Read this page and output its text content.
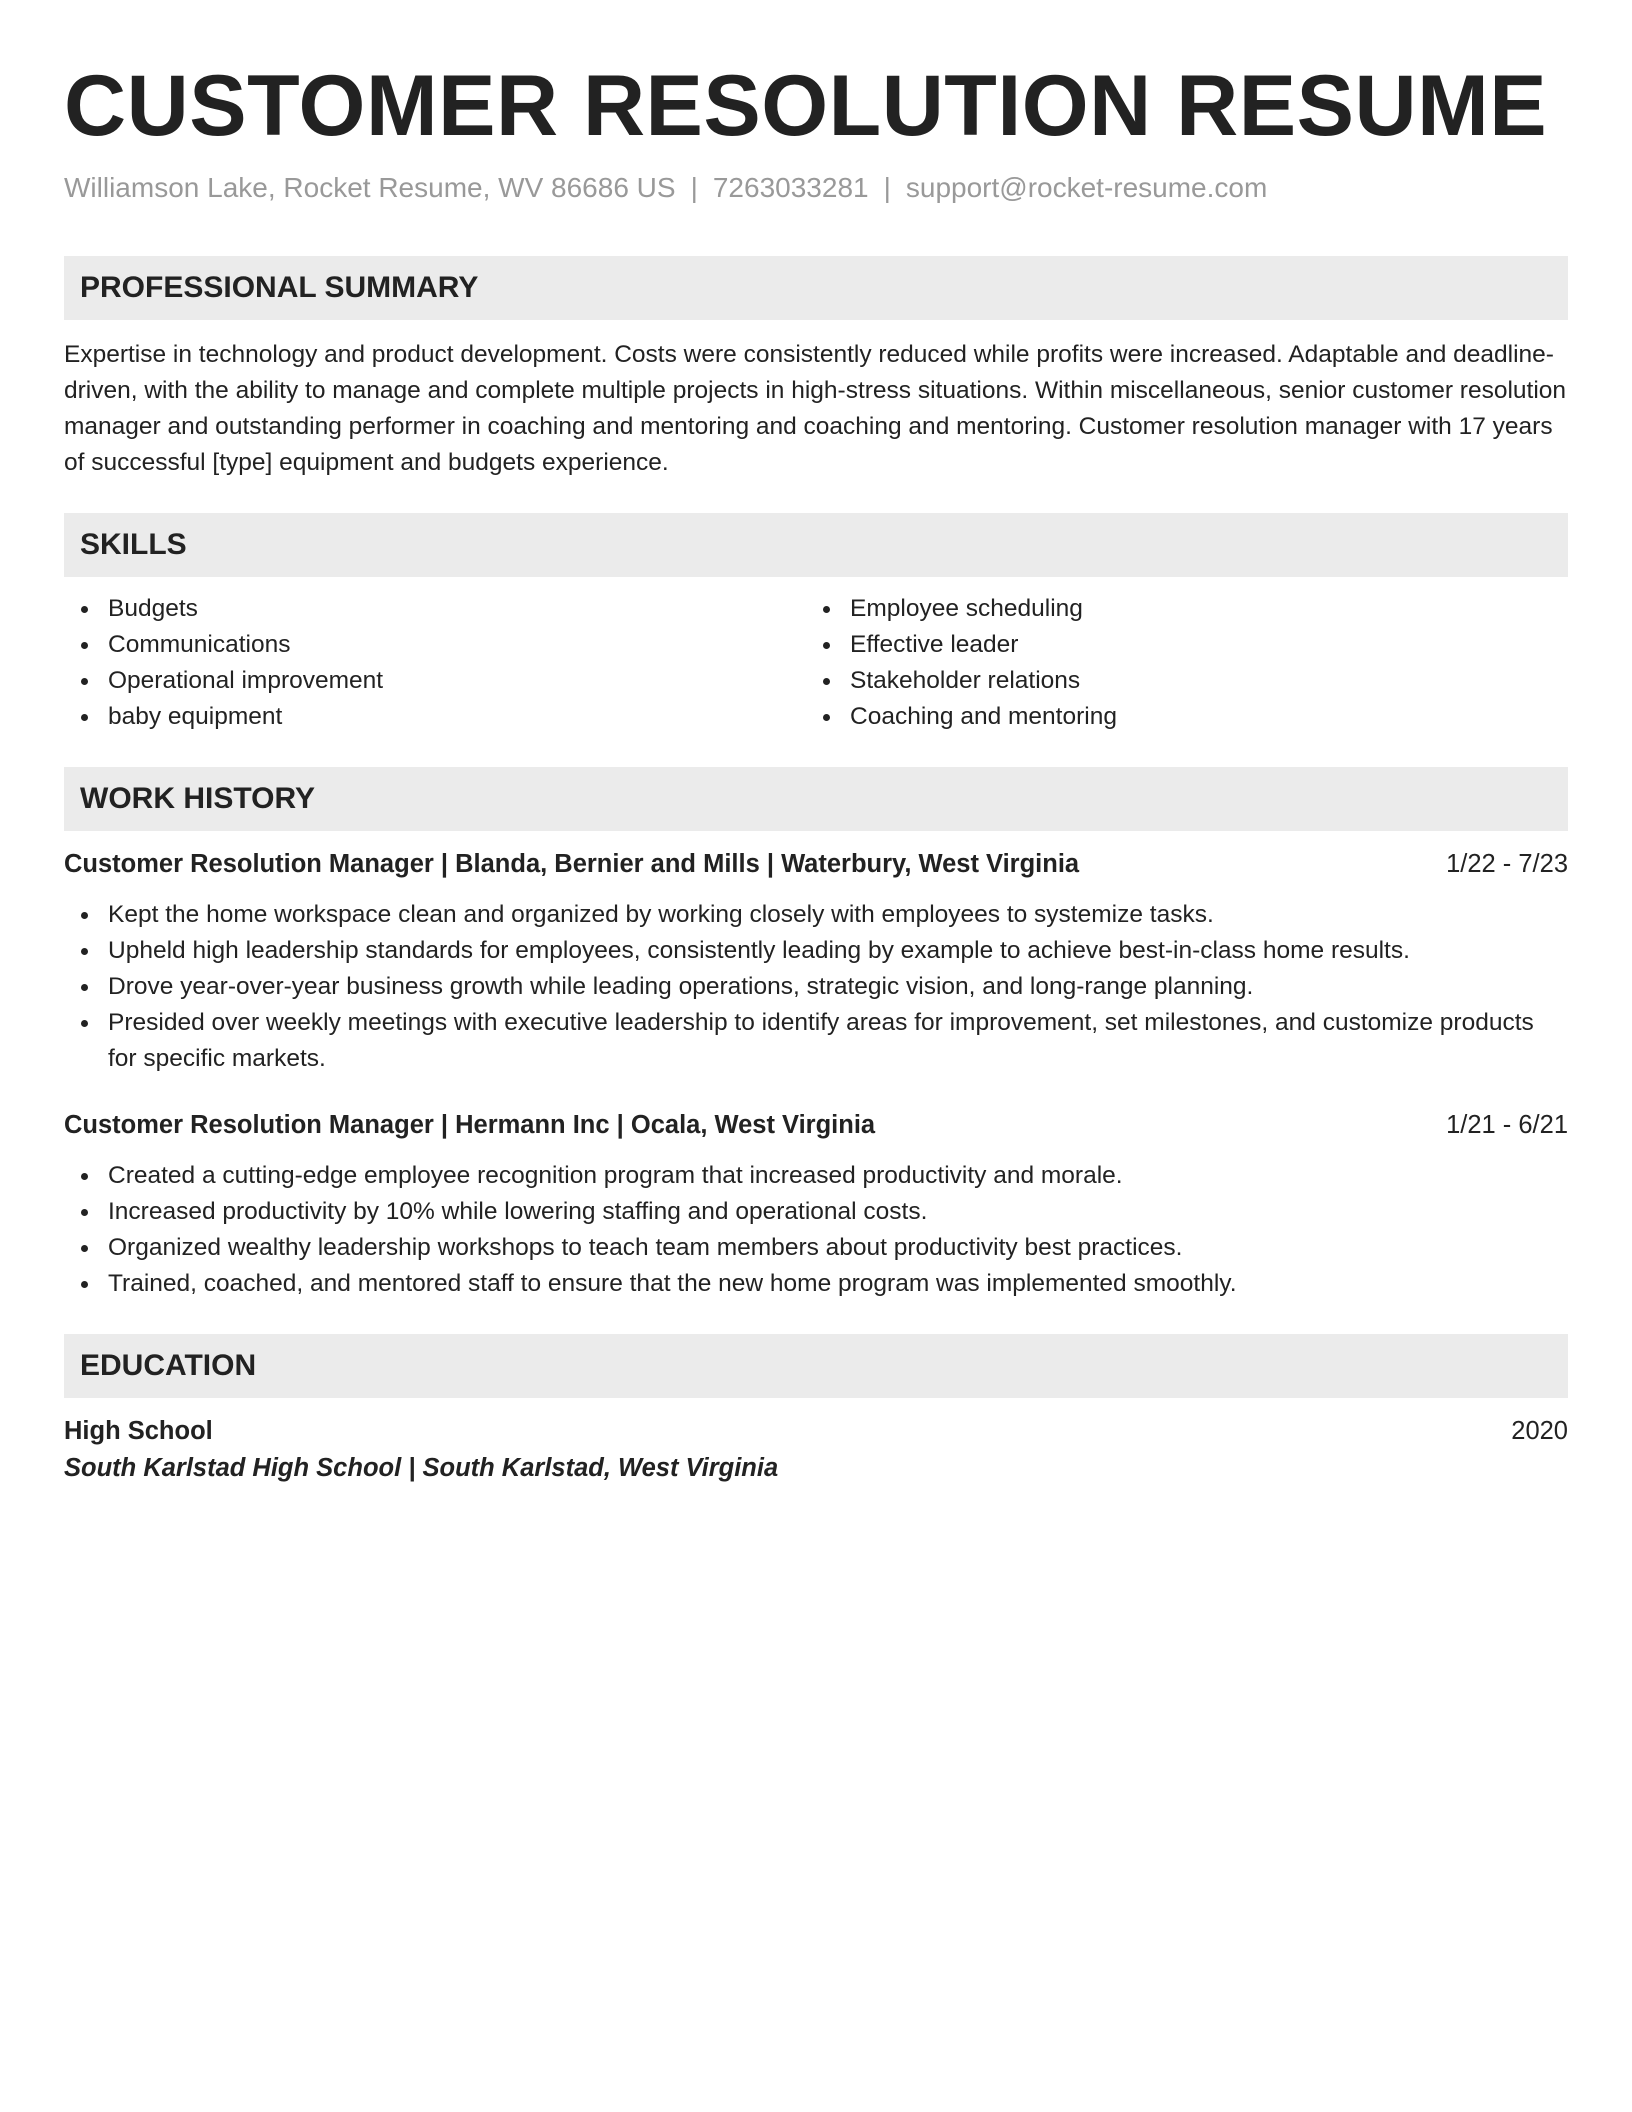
CUSTOMER RESOLUTION RESUME
Williamson Lake, Rocket Resume, WV 86686 US | 7263033281 | support@rocket-resume.com
PROFESSIONAL SUMMARY
Expertise in technology and product development. Costs were consistently reduced while profits were increased. Adaptable and deadline-driven, with the ability to manage and complete multiple projects in high-stress situations. Within miscellaneous, senior customer resolution manager and outstanding performer in coaching and mentoring and coaching and mentoring. Customer resolution manager with 17 years of successful [type] equipment and budgets experience.
SKILLS
Budgets
Communications
Operational improvement
baby equipment
Employee scheduling
Effective leader
Stakeholder relations
Coaching and mentoring
WORK HISTORY
Customer Resolution Manager | Blanda, Bernier and Mills | Waterbury, West Virginia	1/22 - 7/23
Kept the home workspace clean and organized by working closely with employees to systemize tasks.
Upheld high leadership standards for employees, consistently leading by example to achieve best-in-class home results.
Drove year-over-year business growth while leading operations, strategic vision, and long-range planning.
Presided over weekly meetings with executive leadership to identify areas for improvement, set milestones, and customize products for specific markets.
Customer Resolution Manager | Hermann Inc | Ocala, West Virginia	1/21 - 6/21
Created a cutting-edge employee recognition program that increased productivity and morale.
Increased productivity by 10% while lowering staffing and operational costs.
Organized wealthy leadership workshops to teach team members about productivity best practices.
Trained, coached, and mentored staff to ensure that the new home program was implemented smoothly.
EDUCATION
High School	2020
South Karlstad High School | South Karlstad, West Virginia
